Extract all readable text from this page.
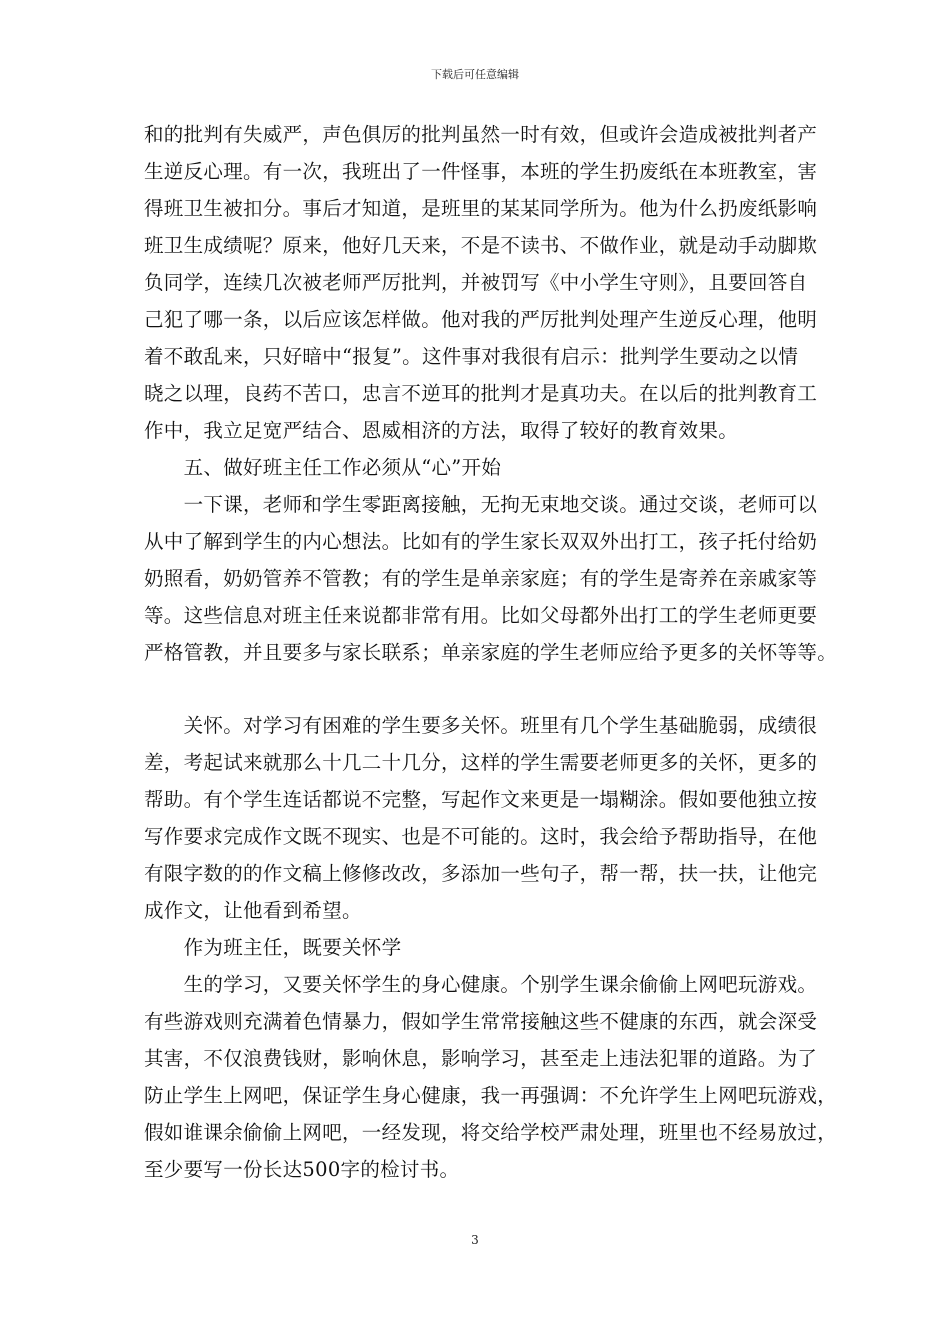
下载后可任意编辑
和的批判有失威严，声色俱厉的批判虽然一时有效，但或许会造成被批判者产
生逆反心理。有一次，我班出了一件怪事，本班的学生扔废纸在本班教室，害
得班卫生被扣分。事后才知道，是班里的某某同学所为。他为什么扔废纸影响
班卫生成绩呢？原来，他好几天来，不是不读书、不做作业，就是动手动脚欺
负同学，连续几次被老师严厉批判，并被罚写《中小学生守则》，且要回答自
己犯了哪一条，以后应该怎样做。他对我的严厉批判处理产生逆反心理，他明
着不敢乱来，只好暗中“报复”。这件事对我很有启示：批判学生要动之以情
晓之以理，良药不苦口，忠言不逆耳的批判才是真功夫。在以后的批判教育工
作中，我立足宽严结合、恩威相济的方法，取得了较好的教育效果。
　　五、做好班主任工作必须从“心”开始
　　一下课，老师和学生零距离接触，无拘无束地交谈。通过交谈，老师可以
从中了解到学生的内心想法。比如有的学生家长双双外出打工，孩子托付给奶
奶照看，奶奶管养不管教；有的学生是单亲家庭；有的学生是寄养在亲戚家等
等。这些信息对班主任来说都非常有用。比如父母都外出打工的学生老师更要
严格管教，并且要多与家长联系；单亲家庭的学生老师应给予更多的关怀等等。
　　关怀。对学习有困难的学生要多关怀。班里有几个学生基础脆弱，成绩很
差，考起试来就那么十几二十几分，这样的学生需要老师更多的关怀，更多的
帮助。有个学生连话都说不完整，写起作文来更是一塌糊涂。假如要他独立按
写作要求完成作文既不现实、也是不可能的。这时，我会给予帮助指导，在他
有限字数的的作文稿上修修改改，多添加一些句子，帮一帮，扶一扶，让他完
成作文，让他看到希望。
　　作为班主任，既要关怀学
　　生的学习，又要关怀学生的身心健康。个别学生课余偷偷上网吧玩游戏。
有些游戏则充满着色情暴力，假如学生常常接触这些不健康的东西，就会深受
其害，不仅浪费钱财，影响休息，影响学习，甚至走上违法犯罪的道路。为了
防止学生上网吧，保证学生身心健康，我一再强调：不允许学生上网吧玩游戏，
假如谁课余偷偷上网吧，一经发现，将交给学校严肃处理，班里也不经易放过，
至少要写一份长达500字的检讨书。
3
